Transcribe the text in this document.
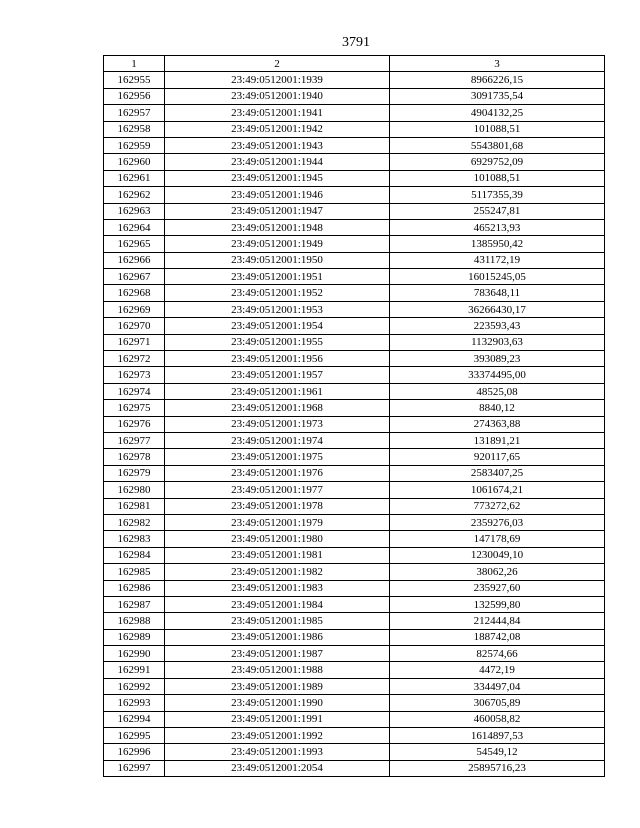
3791
1	2	3
162955	23:49:0512001:1939	8966226,15
162956	23:49:0512001:1940	3091735,54
162957	23:49:0512001:1941	4904132,25
162958	23:49:0512001:1942	101088,51
162959	23:49:0512001:1943	5543801,68
162960	23:49:0512001:1944	6929752,09
162961	23:49:0512001:1945	101088,51
162962	23:49:0512001:1946	5117355,39
162963	23:49:0512001:1947	255247,81
162964	23:49:0512001:1948	465213,93
162965	23:49:0512001:1949	1385950,42
162966	23:49:0512001:1950	431172,19
162967	23:49:0512001:1951	16015245,05
162968	23:49:0512001:1952	783648,11
162969	23:49:0512001:1953	36266430,17
162970	23:49:0512001:1954	223593,43
162971	23:49:0512001:1955	1132903,63
162972	23:49:0512001:1956	393089,23
162973	23:49:0512001:1957	33374495,00
162974	23:49:0512001:1961	48525,08
162975	23:49:0512001:1968	8840,12
162976	23:49:0512001:1973	274363,88
162977	23:49:0512001:1974	131891,21
162978	23:49:0512001:1975	920117,65
162979	23:49:0512001:1976	2583407,25
162980	23:49:0512001:1977	1061674,21
162981	23:49:0512001:1978	773272,62
162982	23:49:0512001:1979	2359276,03
162983	23:49:0512001:1980	147178,69
162984	23:49:0512001:1981	1230049,10
162985	23:49:0512001:1982	38062,26
162986	23:49:0512001:1983	235927,60
162987	23:49:0512001:1984	132599,80
162988	23:49:0512001:1985	212444,84
162989	23:49:0512001:1986	188742,08
162990	23:49:0512001:1987	82574,66
162991	23:49:0512001:1988	4472,19
162992	23:49:0512001:1989	334497,04
162993	23:49:0512001:1990	306705,89
162994	23:49:0512001:1991	460058,82
162995	23:49:0512001:1992	1614897,53
162996	23:49:0512001:1993	54549,12
162997	23:49:0512001:2054	25895716,23
